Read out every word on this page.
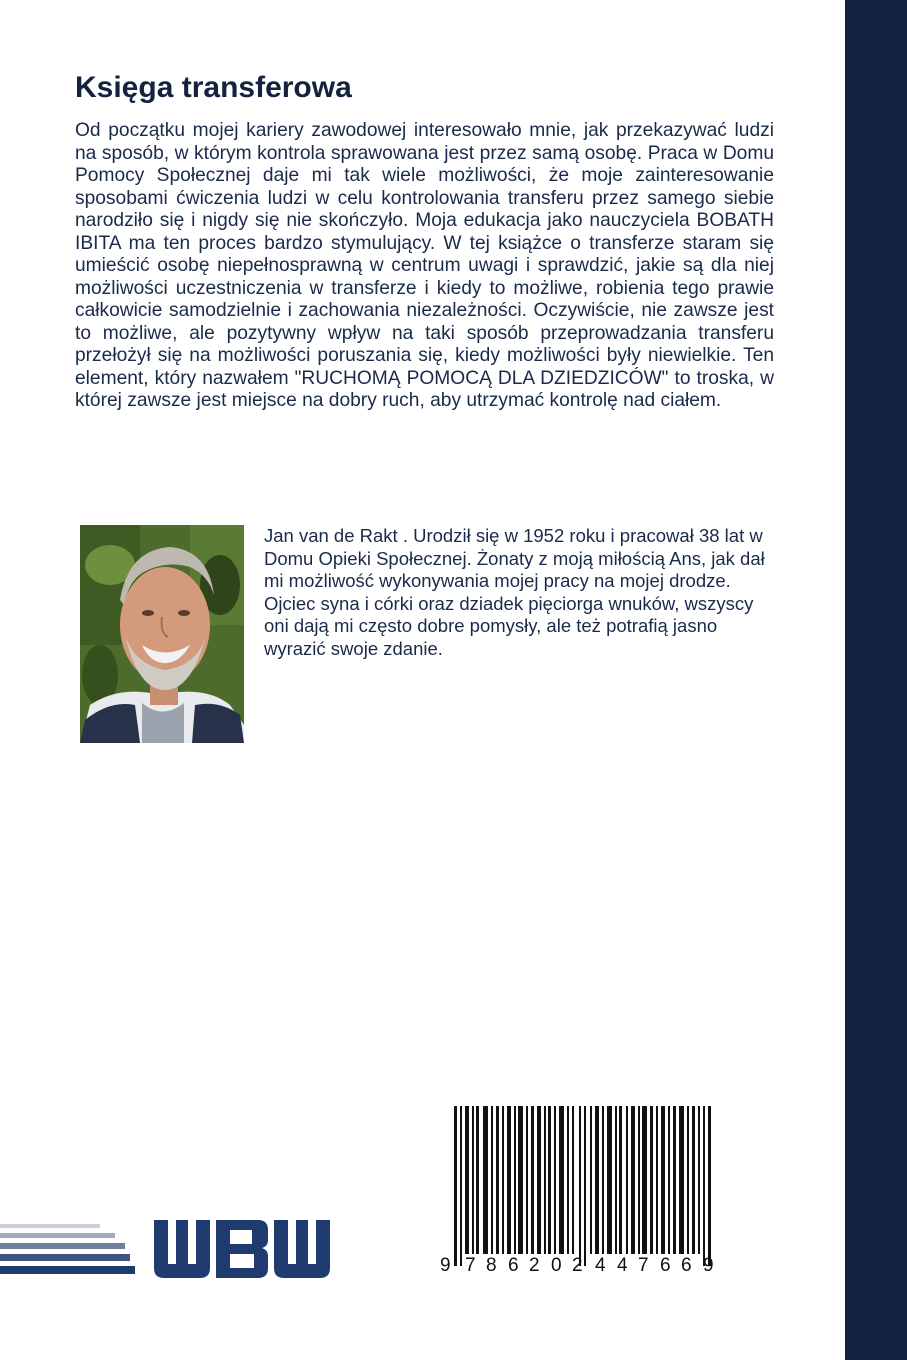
Księga transferowa

Od początku mojej kariery zawodowej interesowało mnie, jak przekazywać ludzi na sposób, w którym kontrola sprawowana jest przez samą osobę. Praca w Domu Pomocy Społecznej daje mi tak wiele możliwości, że moje zainteresowanie sposobami ćwiczenia ludzi w celu kontrolowania transferu przez samego siebie narodziło się i nigdy się nie skończyło. Moja edukacja jako nauczyciela BOBATH IBITA ma ten proces bardzo stymulujący. W tej książce o transferze staram się umieścić osobę niepełnosprawną w centrum uwagi i sprawdzić, jakie są dla niej możliwości uczestniczenia w transferze i kiedy to możliwe, robienia tego prawie całkowicie samodzielnie i zachowania niezależności. Oczywiście, nie zawsze jest to możliwe, ale pozytywny wpływ na taki sposób przeprowadzania transferu przełożył się na możliwości poruszania się, kiedy możliwości były niewielkie. Ten element, który nazwałem "RUCHOMĄ POMOCĄ DLA DZIEDZICÓW" to troska, w której zawsze jest miejsce na dobry ruch, aby utrzymać kontrolę nad ciałem.

Jan van de Rakt . Urodził się w 1952 roku i pracował 38 lat w Domu Opieki Społecznej. Żonaty z moją miłością Ans, jak dał mi możliwość wykonywania mojej pracy na mojej drodze. Ojciec syna i córki oraz dziadek pięciorga wnuków, wszyscy oni dają mi często dobre pomysły, ale też potrafią jasno wyrazić swoje zdanie.

9 7 8 6 2 0 2 4 4 7 6 6 9
